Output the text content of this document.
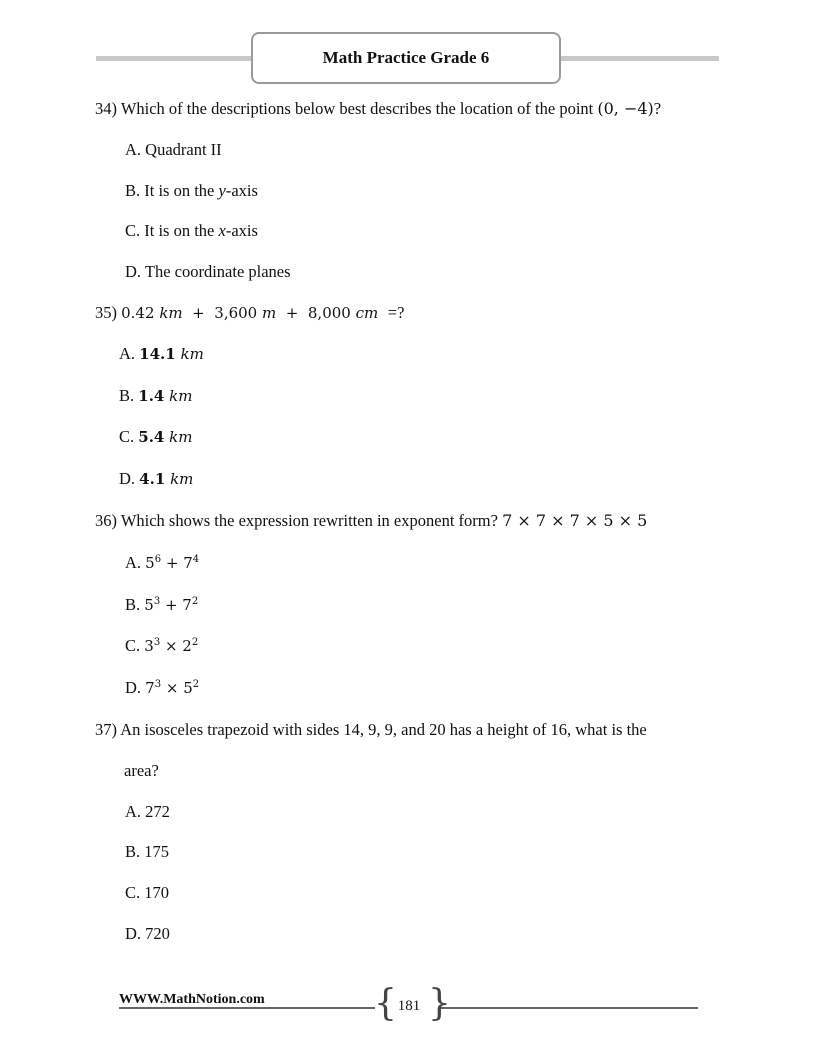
Math Practice Grade 6
34) Which of the descriptions below best describes the location of the point (0, −4)?
A. Quadrant II
B. It is on the y-axis
C. It is on the x-axis
D. The coordinate planes
35) 0.42 km  +  3,600 m  +  8,000 cm =?
A. 14.1 km
B. 1.4 km
C. 5.4 km
D. 4.1 km
36) Which shows the expression rewritten in exponent form? 7 × 7 × 7 × 5 × 5
A. $5^6 + 7^4$
B. $5^3 + 7^2$
C. $3^3 \times 2^2$
D. $7^3 \times 5^2$
37) An isosceles trapezoid with sides 14, 9, 9, and 20 has a height of 16, what is the
area?
A. 272
B. 175
C. 170
D. 720
WWW.MathNotion.com	{ }
181
